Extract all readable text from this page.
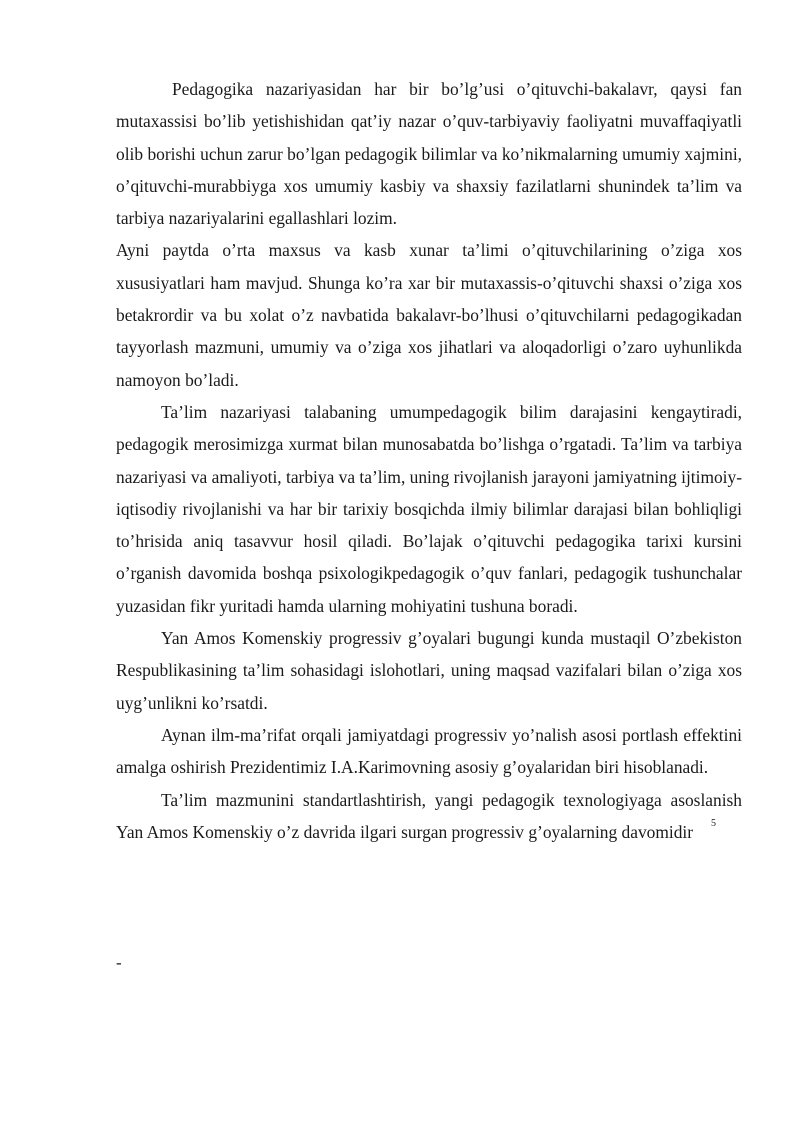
Pedagogika nazariyasidan har bir bo’lg’usi o’qituvchi-bakalavr, qaysi fan mutaxassisi bo’lib yetishishidan qat’iy nazar o’quv-tarbiyaviy faoliyatni muvaffaqiyatli olib borishi uchun zarur bo’lgan pedagogik bilimlar va ko’nikmalarning umumiy xajmini, o’qituvchi-murabbiyga xos umumiy kasbiy va shaxsiy fazilatlarni shunindek ta’lim va tarbiya nazariyalarini egallashlari lozim.

Ayni paytda o’rta maxsus va kasb xunar ta’limi o’qituvchilarining o’ziga xos xususiyatlari ham mavjud. Shunga ko’ra xar bir mutaxassis-o’qituvchi shaxsi o’ziga xos betakrordir va bu xolat o’z navbatida bakalavr-bo’lhusi o’qituvchilarni pedagogikadan tayyorlash mazmuni, umumiy va o’ziga xos jihatlari va aloqadorligi o’zaro uyhunlikda namoyon bo’ladi.

Ta’lim nazariyasi talabaning umumpedagogik bilim darajasini kengaytiradi, pedagogik merosimizga xurmat bilan munosabatda bo’lishga o’rgatadi. Ta’lim va tarbiya nazariyasi va amaliyoti, tarbiya va ta’lim, uning rivojlanish jarayoni jamiyatning ijtimoiy-iqtisodiy rivojlanishi va har bir tarixiy bosqichda ilmiy bilimlar darajasi bilan bohliqligi to’hrisida aniq tasavvur hosil qiladi. Bo’lajak o’qituvchi pedagogika tarixi kursini o’rganish davomida boshqa psixologikpedagogik o’quv fanlari, pedagogik tushunchalar yuzasidan fikr yuritadi hamda ularning mohiyatini tushuna boradi.

Yan Amos Komenskiy progressiv g’oyalari bugungi kunda mustaqil O’zbekiston Respublikasining ta’lim sohasidagi islohotlari, uning maqsad vazifalari bilan o’ziga xos uyg’unlikni ko’rsatdi.

Aynan ilm-ma’rifat orqali jamiyatdagi progressiv yo’nalish asosi portlash effektini amalga oshirish Prezidentimiz I.A.Karimovning asosiy g’oyalaridan biri hisoblanadi.

Ta’lim mazmunini standartlashtirish, yangi pedagogik texnologiyaga asoslanish Yan Amos Komenskiy o’z davrida ilgari surgan progressiv g’oyalarning davomidir $^5$

-
